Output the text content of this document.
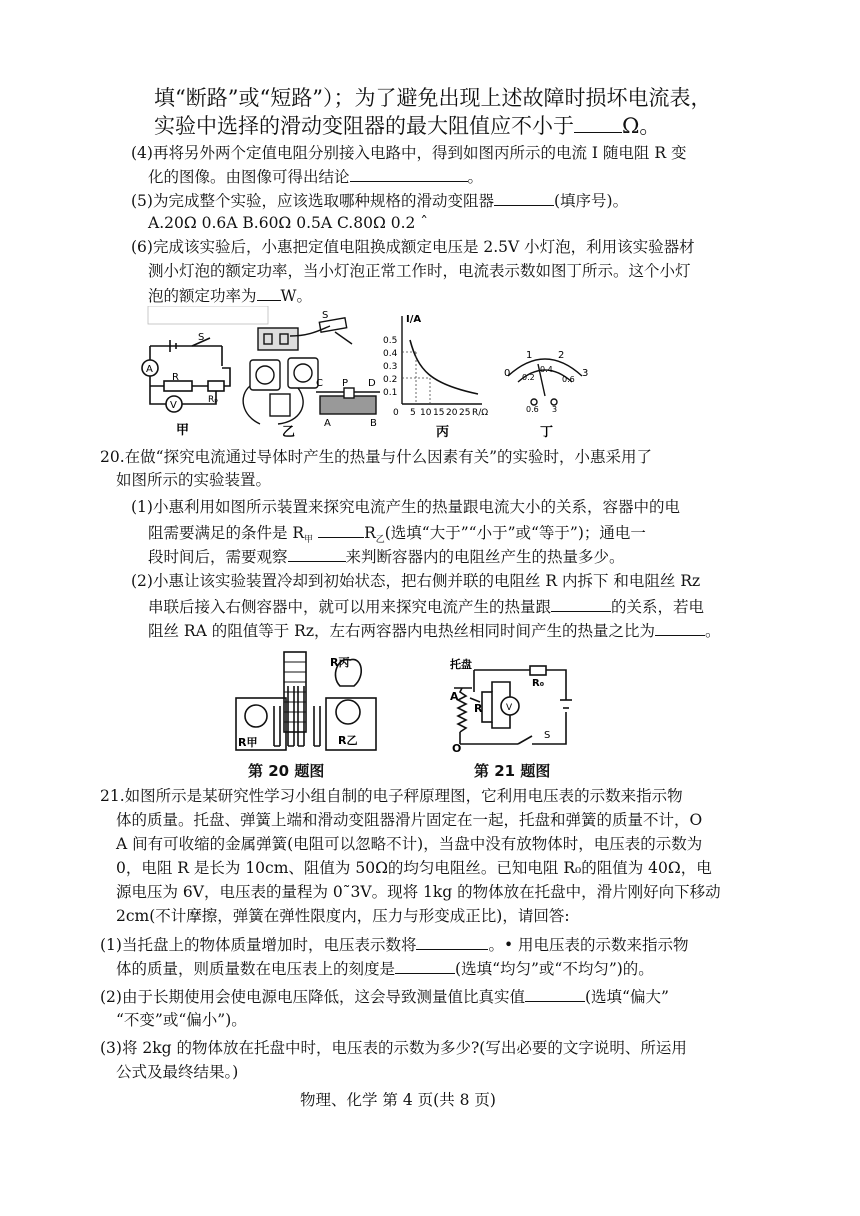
填“断路”或“短路”）；为了避免出现上述故障时损坏电流表，
实验中选择的滑动变阻器的最大阻值应不小于 Ω。
(4)再将另外两个定值电阻分别接入电路中，得到如图丙所示的电流 I 随电阻 R 变
化的图像。由图像可得出结论	。
(5)为完成整个实验，应该选取哪种规格的滑动变阻器	(填序号)。
A.20Ω 0.6A B.60Ω 0.5A C.80Ω 0.2 ˆ
(6)完成该实验后，小惠把定值电阻换成额定电压是 2.5V 小灯泡，利用该实验器材
测小灯泡的额定功率，当小灯泡正常工作时，电流表示数如图丁所示。这个小灯
泡的额定功率为 W。
A
V
S
R
Rₚ
甲
S
乙
C P D
A	B
I/A
0.5
0.4
0.3
0.2
0.1
0 5 10 15 20 25 R/Ω
丙
0
1	2
3
0.2
0.4
0.6
0.6 3
丁
20.在做“探究电流通过导体时产生的热量与什么因素有关”的实验时，小惠采用了
如图所示的实验装置。
(1)小惠利用如图所示装置来探究电流产生的热量跟电流大小的关系，容器中的电
阻需要满足的条件是 $R_甲$	$R_乙$(选填“大于”“小于”或“等于”)；通电一
段时间后，需要观察	来判断容器内的电阻丝产生的热量多少。
(2)小惠让该实验装置冷却到初始状态，把右侧并联的电阻丝 R 内拆下 和电阻丝 Rz
串联后接入右侧容器中，就可以用来探究电流产生的热量跟	的关系，若电
阻丝 RA 的阻值等于 Rz，左右两容器内电热丝相同时间产生的热量之比为	。
R甲	R乙
R丙
第 20 题图
托盘
A
R	V
R₀
S
O
第 21 题图
21.如图所示是某研究性学习小组自制的电子秤原理图，它利用电压表的示数来指示物
体的质量。托盘、弹簧上端和滑动变阻器滑片固定在一起，托盘和弹簧的质量不计，O
A 间有可收缩的金属弹簧(电阻可以忽略不计)，当盘中没有放物体时，电压表的示数为
0，电阻 R 是长为 10cm、阻值为 50Ω的均匀电阻丝。已知电阻 R₀的阻值为 40Ω，电
源电压为 6V，电压表的量程为 0˜3V。现将 1kg 的物体放在托盘中，滑片刚好向下移动
2cm(不计摩擦，弹簧在弹性限度内，压力与形变成正比)，请回答:
(1)当托盘上的物体质量增加时，电压表示数将	。• 用电压表的示数来指示物
体的质量，则质量数在电压表上的刻度是	(选填“均匀”或“不均匀”)的。
(2)由于长期使用会使电源电压降低，这会导致测量值比真实值	(选填“偏大”
“不变”或“偏小”)。
(3)将 2kg 的物体放在托盘中时，电压表的示数为多少?(写出必要的文字说明、所运用
公式及最终结果。)
物理、化学 第 4 页(共 8 页)
